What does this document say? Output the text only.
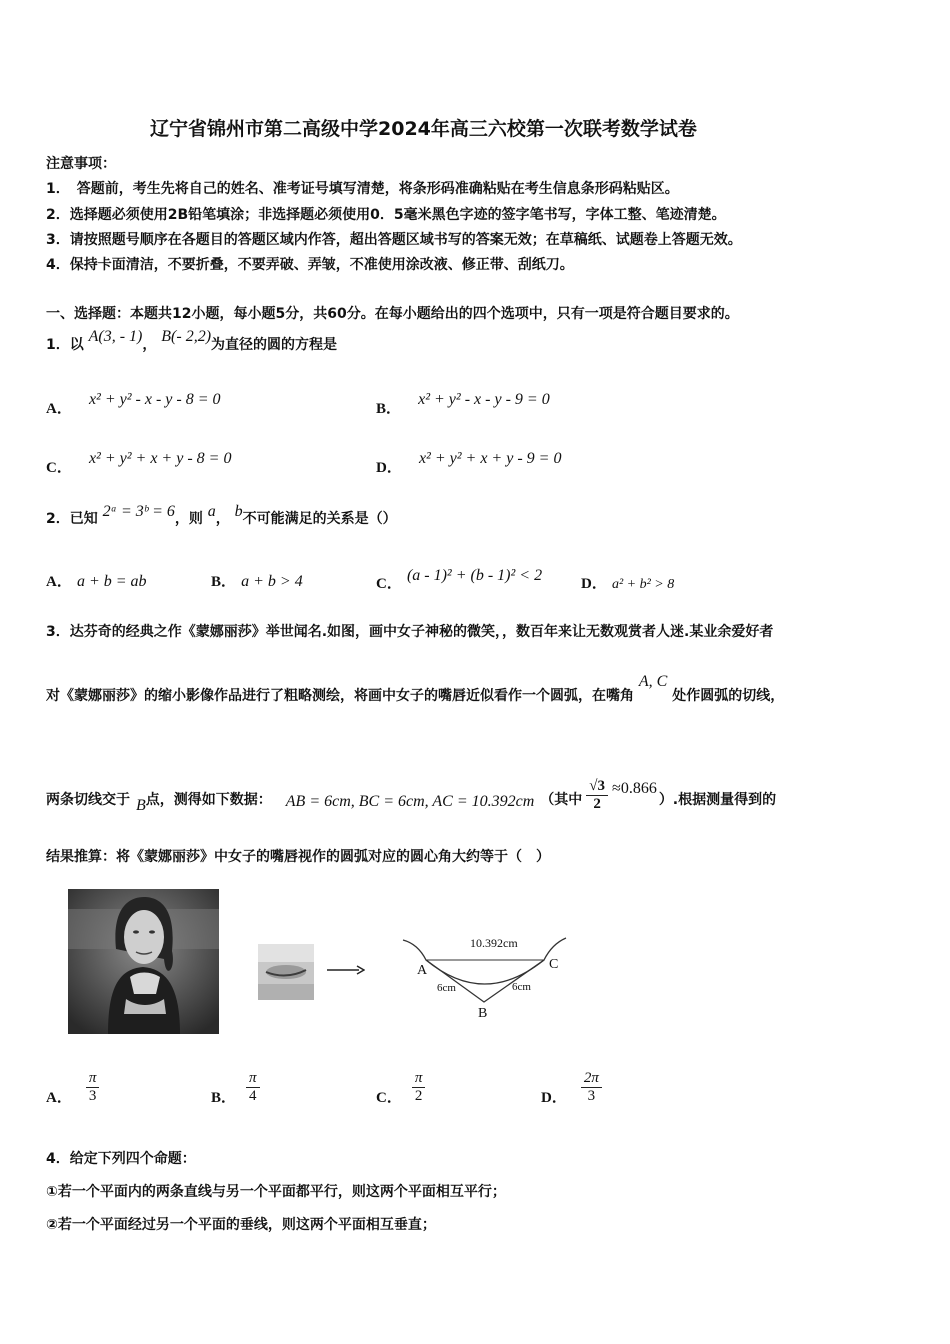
辽宁省锦州市第二高级中学2024年高三六校第一次联考数学试卷
注意事项：
1．　答题前，考生先将自己的姓名、准考证号填写清楚，将条形码准确粘贴在考生信息条形码粘贴区。
2．选择题必须使用2B铅笔填涂；非选择题必须使用0．5毫米黑色字迹的签字笔书写，字体工整、笔迹清楚。
3．请按照题号顺序在各题目的答题区域内作答，超出答题区域书写的答案无效；在草稿纸、试题卷上答题无效。
4．保持卡面清洁，不要折叠，不要弄破、弄皱，不准使用涂改液、修正带、刮纸刀。
一、选择题：本题共12小题，每小题5分，共60分。在每小题给出的四个选项中，只有一项是符合题目要求的。
1．以 A(3, - 1)， B(- 2,2)为直径的圆的方程是
A． x² + y² - x - y - 8 = 0
B． x² + y² - x - y - 9 = 0
C． x² + y² + x + y - 8 = 0
D． x² + y² + x + y - 9 = 0
2．已知 2ᵃ = 3ᵇ = 6，则 a， b不可能满足的关系是（）
A． a + b = ab	B． a + b > 4	C． (a - 1)² + (b - 1)² < 2	D． a² + b² > 8
3．达芬奇的经典之作《蒙娜丽莎》举世闻名.如图，画中女子神秘的微笑，，数百年来让无数观赏者人迷.某业余爱好者
对《蒙娜丽莎》的缩小影像作品进行了粗略测绘，将画中女子的嘴唇近似看作一个圆弧，在嘴角 A, C 处作圆弧的切线，
两条切线交于 B 点，测得如下数据： AB = 6cm, BC = 6cm, AC = 10.392cm （其中 $\frac{√3}{2} \approx 0.866$
）.根据测量得到的
结果推算：将《蒙娜丽莎》中女子的嘴唇视作的圆弧对应的圆心角大约等于（　）
10.392cm
A	C
B
6cm	6cm
A． $\frac{\pi}{3}$	B． $\frac{\pi}{4}$	C． $\frac{\pi}{2}$	D． $\frac{2\pi}{3}$
4．给定下列四个命题：
①若一个平面内的两条直线与另一个平面都平行，则这两个平面相互平行；
②若一个平面经过另一个平面的垂线，则这两个平面相互垂直；
